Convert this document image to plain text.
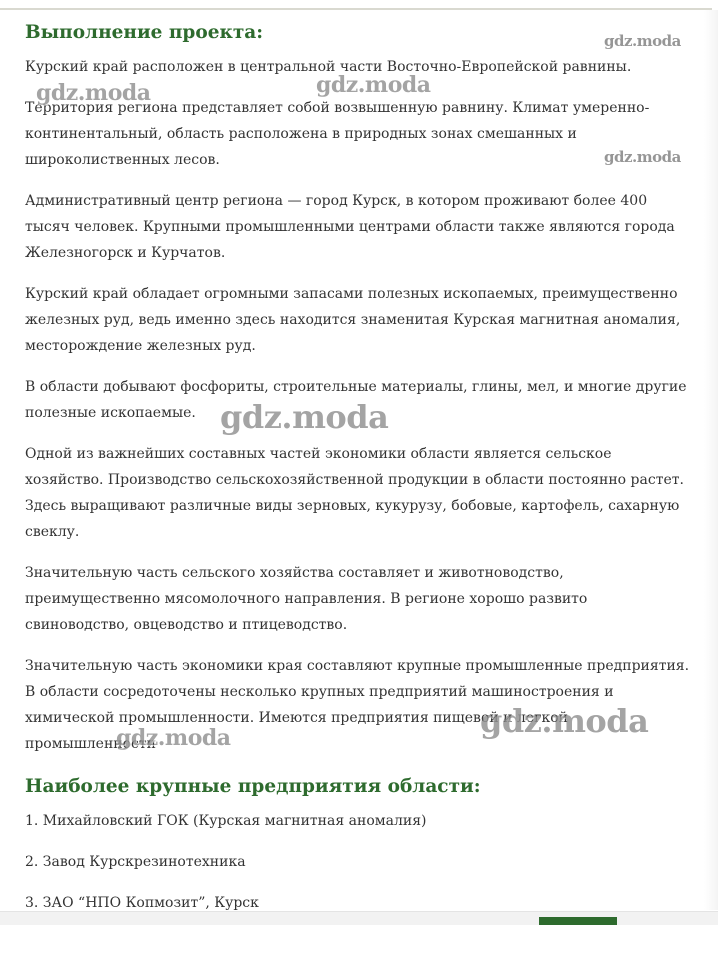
Выполнение проекта:

Курский край расположен в центральной части Восточно-Европейской равнины.

Территория региона представляет собой возвышенную равнину. Климат умеренно-континентальный, область расположена в природных зонах смешанных и широколиственных лесов.

Административный центр региона — город Курск, в котором проживают более 400 тысяч человек. Крупными промышленными центрами области также являются города Железногорск и Курчатов.

Курский край обладает огромными запасами полезных ископаемых, преимущественно железных руд, ведь именно здесь находится знаменитая Курская магнитная аномалия, месторождение железных руд.

В области добывают фосфориты, строительные материалы, глины, мел, и многие другие полезные ископаемые.

Одной из важнейших составных частей экономики области является сельское хозяйство. Производство сельскохозяйственной продукции в области постоянно растет. Здесь выращивают различные виды зерновых, кукурузу, бобовые, картофель, сахарную свеклу.

Значительную часть сельского хозяйства составляет и животноводство, преимущественно мясомолочного направления. В регионе хорошо развито свиноводство, овцеводство и птицеводство.

Значительную часть экономики края составляют крупные промышленные предприятия. В области сосредоточены несколько крупных предприятий машиностроения и химической промышленности. Имеются предприятия пищевой и легкой промышленности

Наиболее крупные предприятия области:

1. Михайловский ГОК (Курская магнитная аномалия)

2. Завод Курскрезинотехника

3. ЗАО “НПО Копмозит”, Курск

gdz.moda
gdz.moda	gdz.moda
gdz.moda
gdz.moda
gdz.moda
gdz.moda
